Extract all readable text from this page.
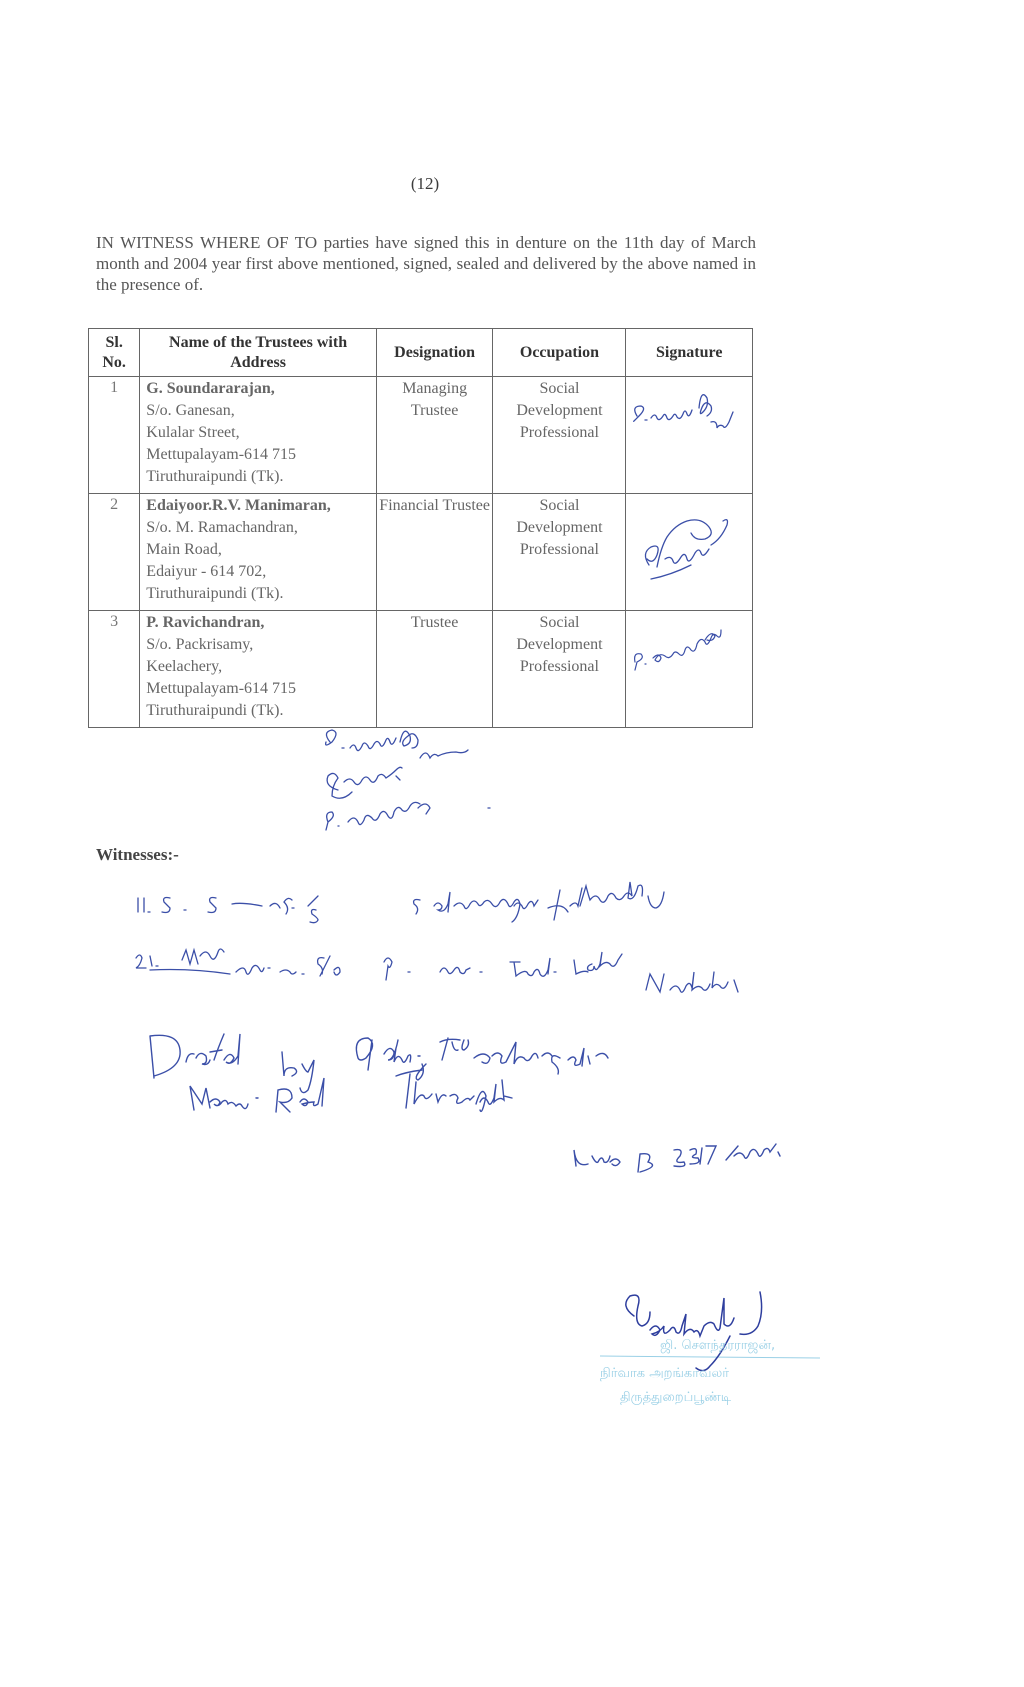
(12)
IN WITNESS WHERE OF TO parties have signed this in denture on the 11th day of March month and 2004 year first above mentioned, signed, sealed and delivered by the above named in the presence of.
Sl. No.	Name of the Trustees with Address	Designation	Occupation	Signature
1	G. Soundararajan,
S/o. Ganesan,
Kulalar Street,
Mettupalayam-614 715
Tiruthuraipundi (Tk).	Managing Trustee	Social Development Professional	

2	Edaiyoor.R.V. Manimaran,
S/o. M. Ramachandran,
Main Road,
Edaiyur - 614 702,
Tiruthuraipundi (Tk).	Financial Trustee	Social Development Professional	

3	P. Ravichandran,
S/o. Packrisamy,
Keelachery,
Mettupalayam-614 715
Tiruthuraipundi (Tk).	Trustee	Social Development Professional	
Witnesses:-
ஜி. சௌந்தரராஜன்,
நிர்வாக அறங்காவலர்
திருத்துறைப்பூண்டி
